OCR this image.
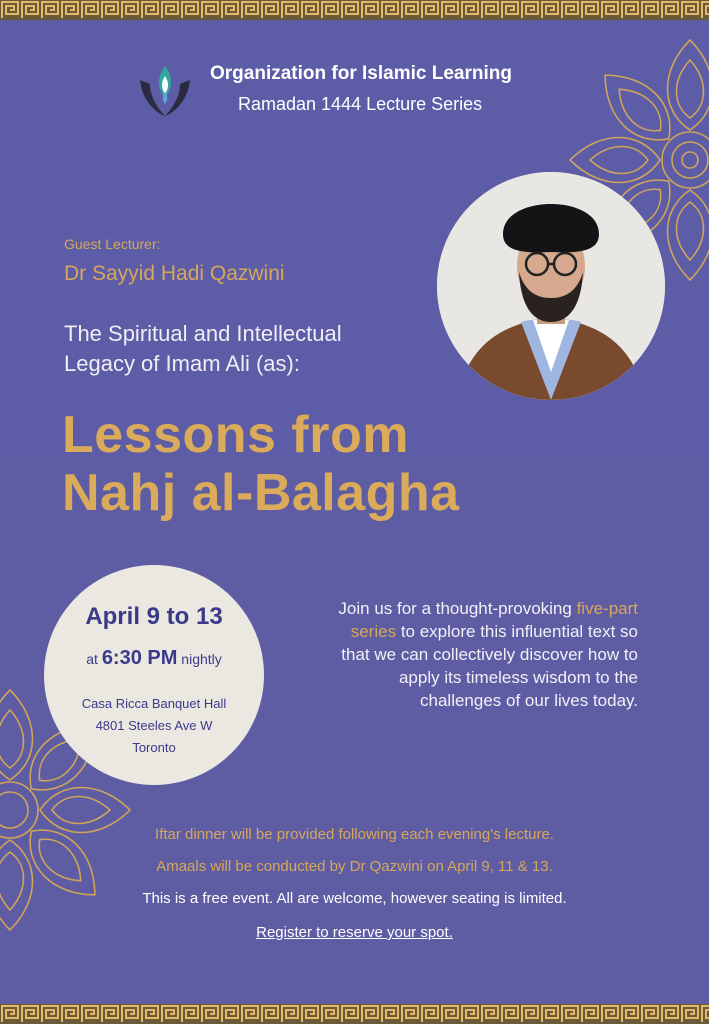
Organization for Islamic Learning
Ramadan 1444 Lecture Series
Guest Lecturer:
Dr Sayyid Hadi Qazwini
The Spiritual and Intellectual
Legacy of Imam Ali (as):
Lessons from
Nahj al-Balagha
April 9 to 13
at 6:30 PM nightly
Casa Ricca Banquet Hall
4801 Steeles Ave W
Toronto
Join us for a thought-provoking five-part series to explore this influential text so that we can collectively discover how to apply its timeless wisdom to the challenges of our lives today.
Iftar dinner will be provided following each evening's lecture.
Amaals will be conducted by Dr Qazwini on April 9, 11 & 13.
This is a free event. All are welcome, however seating is limited.
Register to reserve your spot.
